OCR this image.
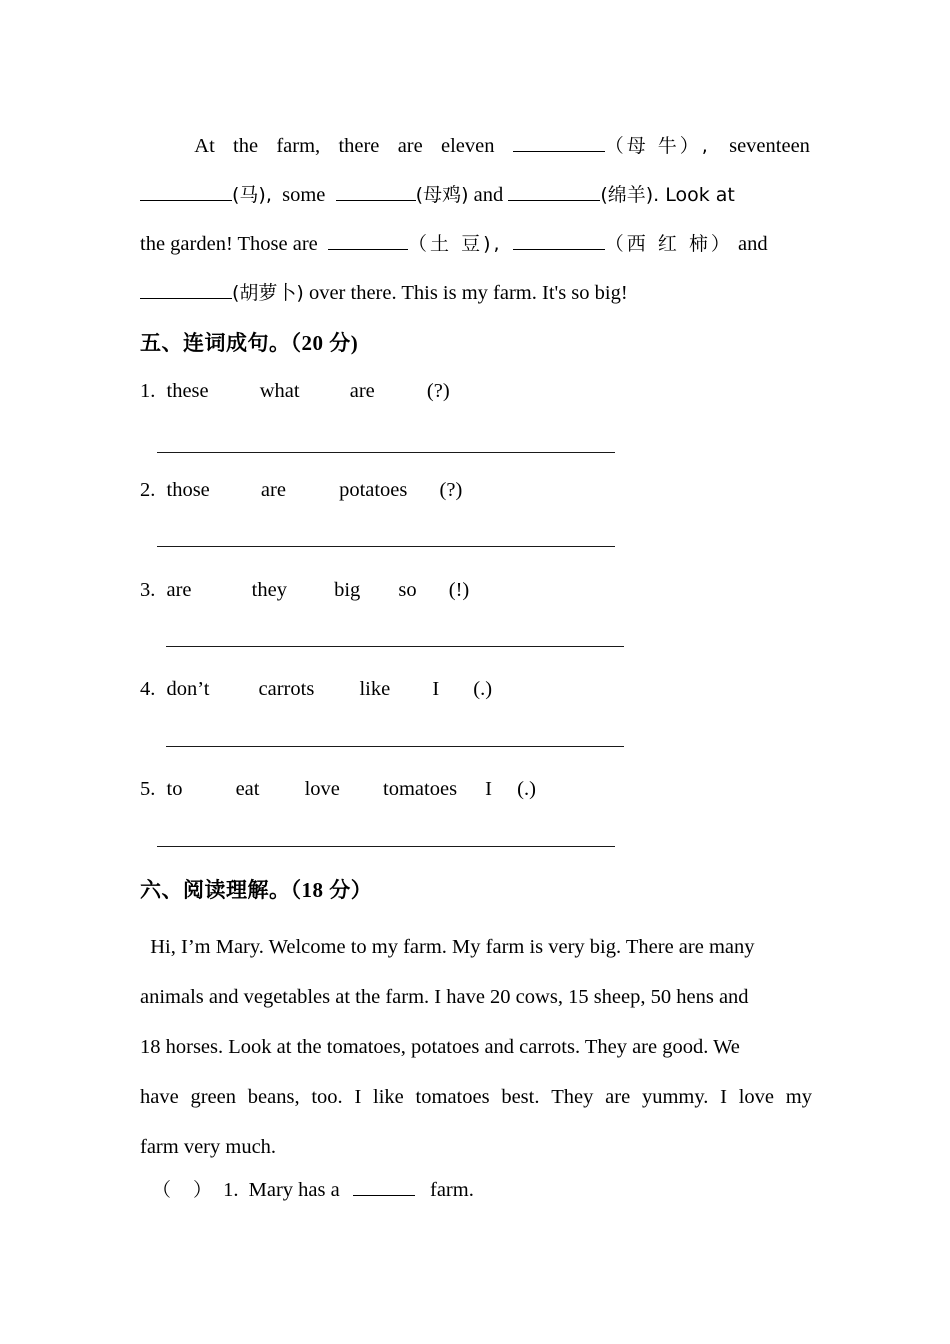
At the farm, there are eleven	（母 牛）, seventeen
(马), some	(母鸡) and	(绵羊). Look at
the garden! Those are	（土 豆),	（西 红 柿） and
(胡萝卜) over there. This is my farm. It's so big!
五、连词成句。（20 分)
1. these what are	(?)
2. those are	potatoes (?)
3. are	they big so (!)
4. don’t carrots like I (.)
5. to	eat love tomatoes I (.)
六、阅读理解。（18 分）
Hi, I’m Mary. Welcome to my farm. My farm is very big. There are many
animals and vegetables at the farm. I have 20 cows, 15 sheep, 50 hens and
18 horses. Look at the tomatoes, potatoes and carrots. They are good. We
have green beans, too. I like tomatoes best. They are yummy. I love my
farm very much.
（ ） 1. Mary has a	farm.
